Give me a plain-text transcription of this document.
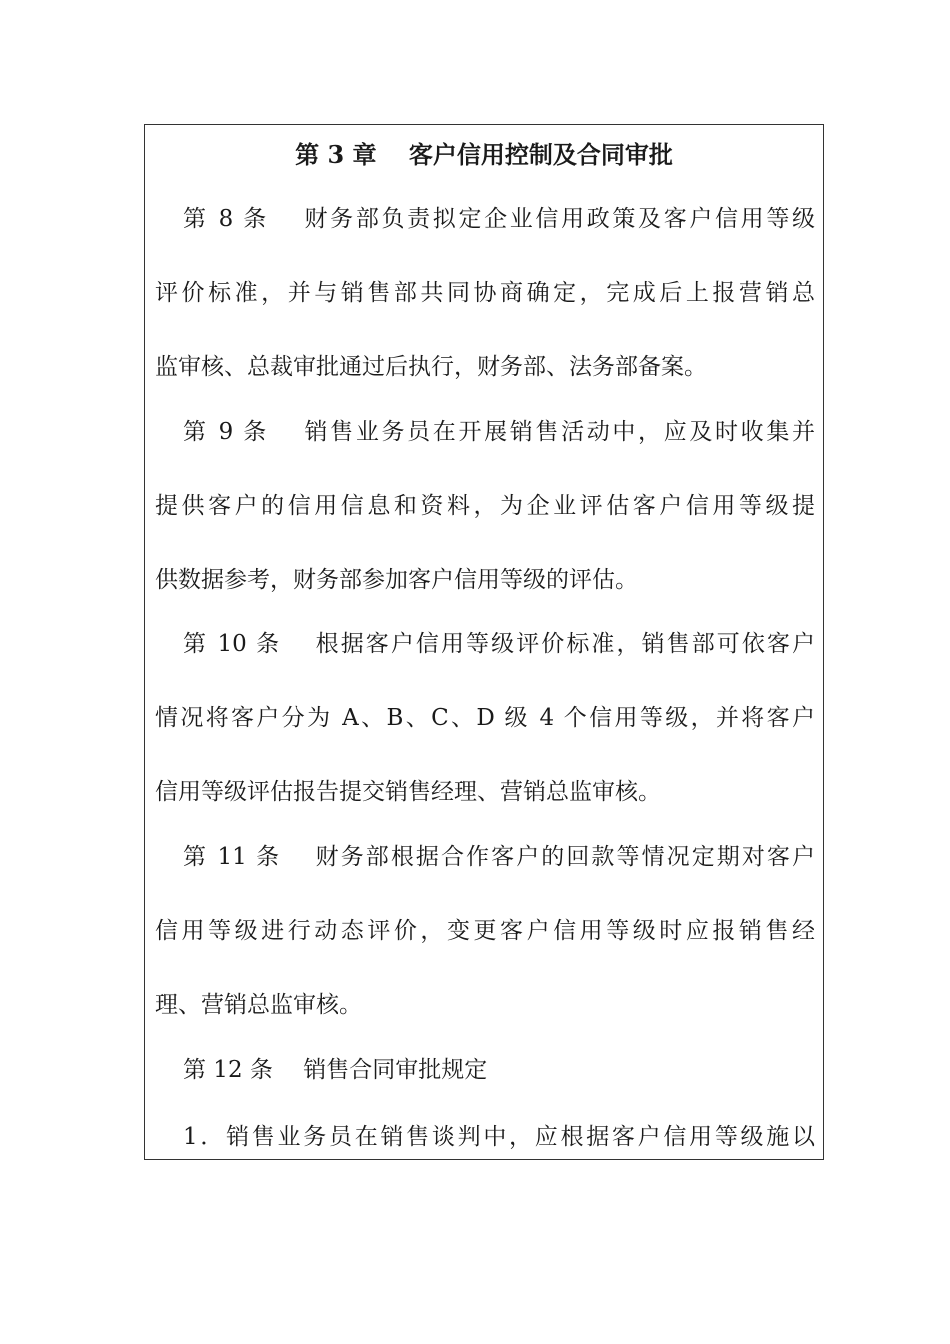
第 3 章　 客户信用控制及合同审批
第 8 条　 财务部负责拟定企业信用政策及客户信用等级
评价标准，并与销售部共同协商确定，完成后上报营销总
监审核、总裁审批通过后执行，财务部、法务部备案。
第 9 条　 销售业务员在开展销售活动中，应及时收集并
提供客户的信用信息和资料，为企业评估客户信用等级提
供数据参考，财务部参加客户信用等级的评估。
第 10 条　 根据客户信用等级评价标准，销售部可依客户
情况将客户分为 A、B、C、D 级 4 个信用等级，并将客户
信用等级评估报告提交销售经理、营销总监审核。
第 11 条　 财务部根据合作客户的回款等情况定期对客户
信用等级进行动态评价，变更客户信用等级时应报销售经
理、营销总监审核。
第 12 条　 销售合同审批规定
1．销售业务员在销售谈判中，应根据客户信用等级施以
